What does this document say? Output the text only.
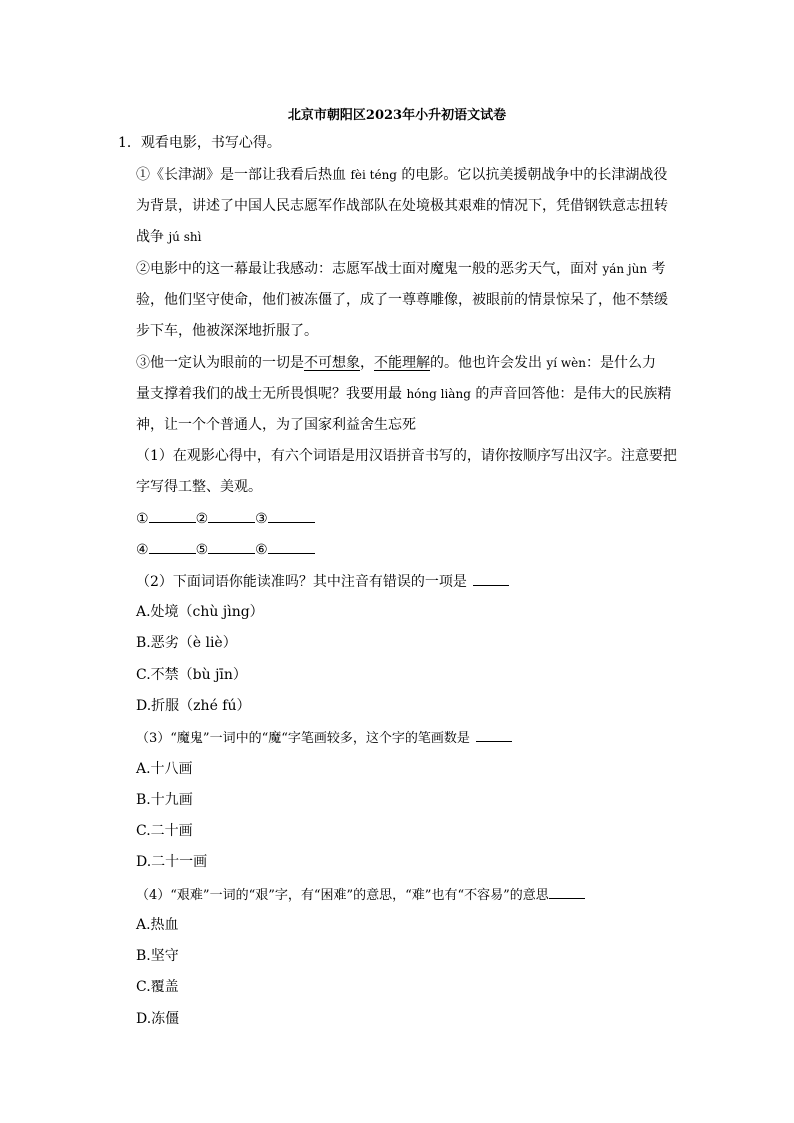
北京市朝阳区2023年小升初语文试卷
1．观看电影，书写心得。
①《长津湖》是一部让我看后热血 fèi téng 的电影。它以抗美援朝战争中的长津湖战役
为背景，讲述了中国人民志愿军作战部队在处境极其艰难的情况下，凭借钢铁意志扭转
战争 jú shì
②电影中的这一幕最让我感动：志愿军战士面对魔鬼一般的恶劣天气，面对 yán jùn 考
验，他们坚守使命，他们被冻僵了，成了一尊尊雕像，被眼前的情景惊呆了，他不禁缓
步下车，他被深深地折服了。
③他一定认为眼前的一切是不可想象，不能理解的。他也许会发出 yí wèn：是什么力
量支撑着我们的战士无所畏惧呢？我要用最 hóng liàng 的声音回答他：是伟大的民族精
神，让一个个普通人，为了国家利益舍生忘死
（1）在观影心得中，有六个词语是用汉语拼音书写的，请你按顺序写出汉字。注意要把
字写得工整、美观。
①	②	③
④	⑤	⑥
（2）下面词语你能读准吗？其中注音有错误的一项是
A.处境（chù jìng）
B.恶劣（è liè）
C.不禁（bù jīn）
D.折服（zhé fú）
（3）“魔鬼”一词中的“魔“字笔画较多，这个字的笔画数是
A.十八画
B.十九画
C.二十画
D.二十一画
（4）“艰难”一词的“艰”字，有“困难”的意思，“难”也有“不容易”的意思
A.热血
B.坚守
C.覆盖
D.冻僵
